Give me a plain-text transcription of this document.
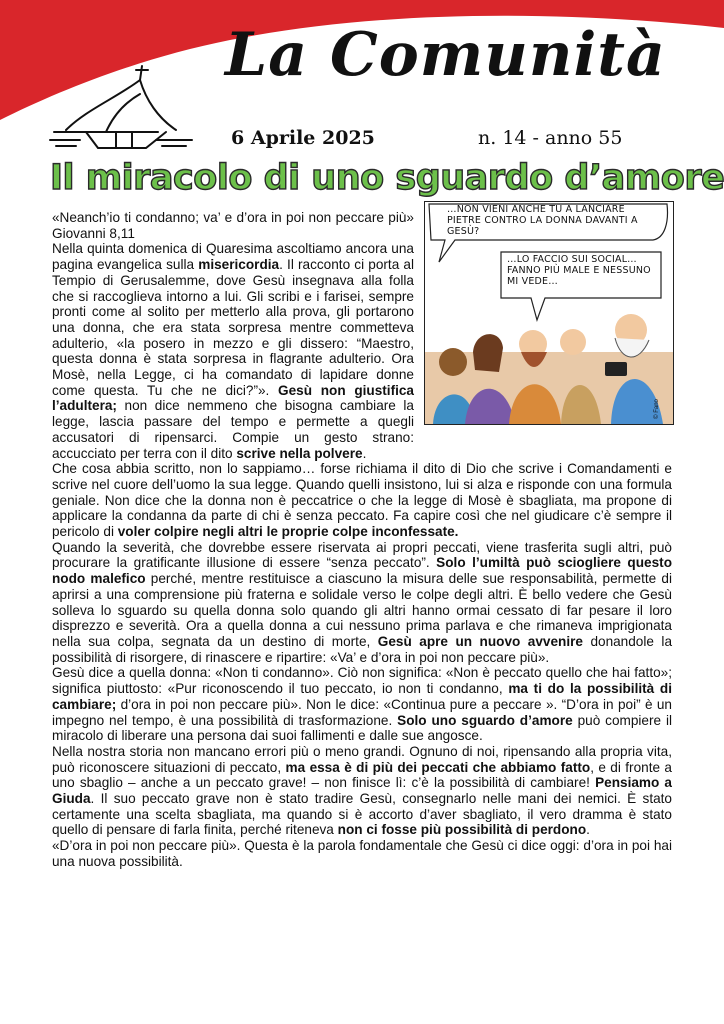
La Comunità
6 Aprile 2025	n. 14 - anno 55
Il miracolo di uno sguardo d’amore
…NON VIENI ANCHE TU A LANCIARE PIETRE CONTRO LA DONNA DAVANTI A GESÙ?
…LO FACCIO SUI SOCIAL… FANNO PIÙ MALE E NESSUNO MI VEDE…
© Fano

«Neanch’io ti condanno; va’ e d’ora in poi non peccare più» Giovanni 8,11

Nella quinta domenica di Quaresima ascoltiamo ancora una pagina evangelica sulla misericordia. Il racconto ci porta al Tempio di Gerusalemme, dove Gesù insegnava alla folla che si raccoglieva intorno a lui. Gli scribi e i farisei, sempre pronti come al solito per metterlo alla prova, gli portarono una donna, che era stata sorpresa mentre commetteva adulterio, «la posero in mezzo e gli dissero: “Maestro, questa donna è stata sorpresa in flagrante adulterio. Ora Mosè, nella Legge, ci ha comandato di lapidare donne come questa. Tu che ne dici?”». Gesù non giustifica l’adultera; non dice nemmeno che bisogna cambiare la legge, lascia passare del tempo e permette a quegli accusatori di ripensarci. Compie un gesto strano: accucciato per terra con il dito scrive nella polvere.

Che cosa abbia scritto, non lo sappiamo… forse richiama il dito di Dio che scrive i Comandamenti e scrive nel cuore dell’uomo la sua legge. Quando quelli insistono, lui si alza e risponde con una formula geniale. Non dice che la donna non è peccatrice o che la legge di Mosè è sbagliata, ma propone di applicare la condanna da parte di chi è senza peccato. Fa capire così che nel giudicare c’è sempre il pericolo di voler colpire negli altri le proprie colpe inconfessate.

Quando la severità, che dovrebbe essere riservata ai propri peccati, viene trasferita sugli altri, può procurare la gratificante illusione di essere “senza peccato”. Solo l’umiltà può sciogliere questo nodo malefico perché, mentre restituisce a ciascuno la misura delle sue responsabilità, permette di aprirsi a una comprensione più fraterna e solidale verso le colpe degli altri. È bello vedere che Gesù solleva lo sguardo su quella donna solo quando gli altri hanno ormai cessato di far pesare il loro disprezzo e severità. Ora a quella donna a cui nessuno prima parlava e che rimaneva imprigionata nella sua colpa, segnata da un destino di morte, Gesù apre un nuovo avvenire donandole la possibilità di risorgere, di rinascere e ripartire: «Va’ e d’ora in poi non peccare più».

Gesù dice a quella donna: «Non ti condanno». Ciò non significa: «Non è peccato quello che hai fatto»; significa piuttosto: «Pur riconoscendo il tuo peccato, io non ti condanno, ma ti do la possibilità di cambiare; d’ora in poi non peccare più». Non le dice: «Continua pure a peccare ». “D’ora in poi” è un impegno nel tempo, è una possibilità di trasformazione. Solo uno sguardo d’amore può compiere il miracolo di liberare una persona dai suoi fallimenti e dalle sue angosce.

Nella nostra storia non mancano errori più o meno grandi. Ognuno di noi, ripensando alla propria vita, può riconoscere situazioni di peccato, ma essa è di più dei peccati che abbiamo fatto, e di fronte a uno sbaglio – anche a un peccato grave! – non finisce lì: c’è la possibilità di cambiare! Pensiamo a Giuda. Il suo peccato grave non è stato tradire Gesù, consegnarlo nelle mani dei nemici. È stato certamente una scelta sbagliata, ma quando si è accorto d’aver sbagliato, il vero dramma è stato quello di pensare di farla finita, perché riteneva non ci fosse più possibilità di perdono.

«D’ora in poi non peccare più». Questa è la parola fondamentale che Gesù ci dice oggi: d’ora in poi hai una nuova possibilità.
